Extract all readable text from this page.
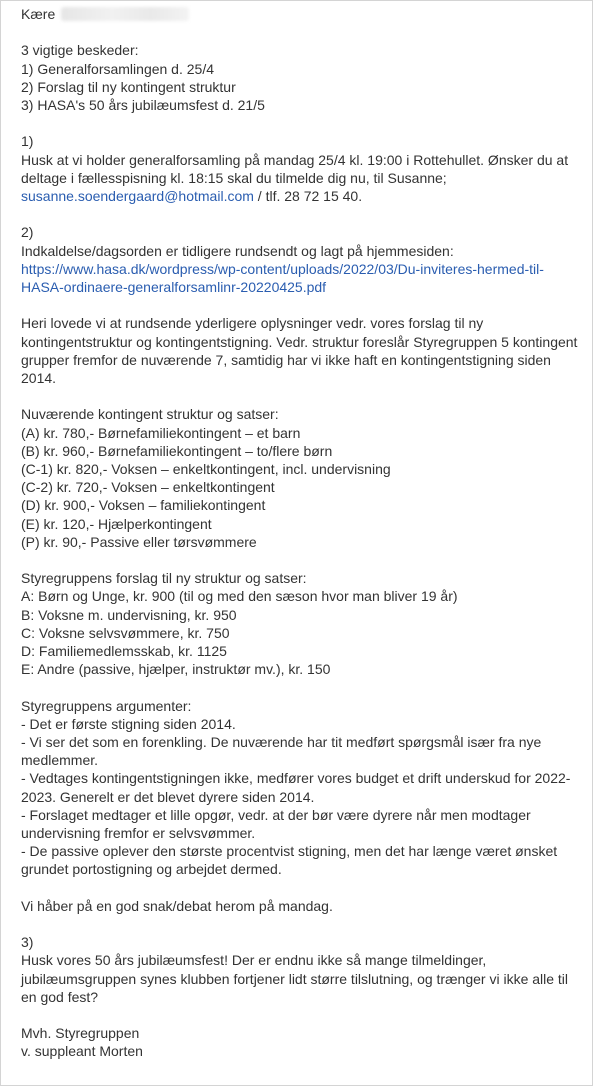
Kære
3 vigtige beskeder:
1) Generalforsamlingen d. 25/4
2) Forslag til ny kontingent struktur
3) HASA's 50 års jubilæumsfest d. 21/5
1)
Husk at vi holder generalforsamling på mandag 25/4 kl. 19:00 i Rottehullet. Ønsker du at
deltage i fællesspisning kl. 18:15 skal du tilmelde dig nu, til Susanne;
susanne.soendergaard@hotmail.com / tlf. 28 72 15 40.
2)
Indkaldelse/dagsorden er tidligere rundsendt og lagt på hjemmesiden:
https://www.hasa.dk/wordpress/wp-content/uploads/2022/03/Du-inviteres-hermed-til-
HASA-ordinaere-generalforsamlinr-20220425.pdf
Heri lovede vi at rundsende yderligere oplysninger vedr. vores forslag til ny
kontingentstruktur og kontingentstigning. Vedr. struktur foreslår Styregruppen 5 kontingent
grupper fremfor de nuværende 7, samtidig har vi ikke haft en kontingentstigning siden
2014.
Nuværende kontingent struktur og satser:
(A) kr. 780,- Børnefamiliekontingent – et barn
(B) kr. 960,- Børnefamiliekontingent – to/flere børn
(C-1) kr. 820,- Voksen – enkeltkontingent, incl. undervisning
(C-2) kr. 720,- Voksen – enkeltkontingent
(D) kr. 900,- Voksen – familiekontingent
(E) kr. 120,- Hjælperkontingent
(P) kr. 90,- Passive eller tørsvømmere
Styregruppens forslag til ny struktur og satser:
A: Børn og Unge, kr. 900 (til og med den sæson hvor man bliver 19 år)
B: Voksne m. undervisning, kr. 950
C: Voksne selvsvømmere, kr. 750
D: Familiemedlemsskab, kr. 1125
E: Andre (passive, hjælper, instruktør mv.), kr. 150
Styregruppens argumenter:
- Det er første stigning siden 2014.
- Vi ser det som en forenkling. De nuværende har tit medført spørgsmål især fra nye
medlemmer.
- Vedtages kontingentstigningen ikke, medfører vores budget et drift underskud for 2022-
2023. Generelt er det blevet dyrere siden 2014.
- Forslaget medtager et lille opgør, vedr. at der bør være dyrere når men modtager
undervisning fremfor er selvsvømmer.
- De passive oplever den største procentvist stigning, men det har længe været ønsket
grundet portostigning og arbejdet dermed.
Vi håber på en god snak/debat herom på mandag.
3)
Husk vores 50 års jubilæumsfest! Der er endnu ikke så mange tilmeldinger,
jubilæumsgruppen synes klubben fortjener lidt større tilslutning, og trænger vi ikke alle til
en god fest?
Mvh. Styregruppen
v. suppleant Morten
